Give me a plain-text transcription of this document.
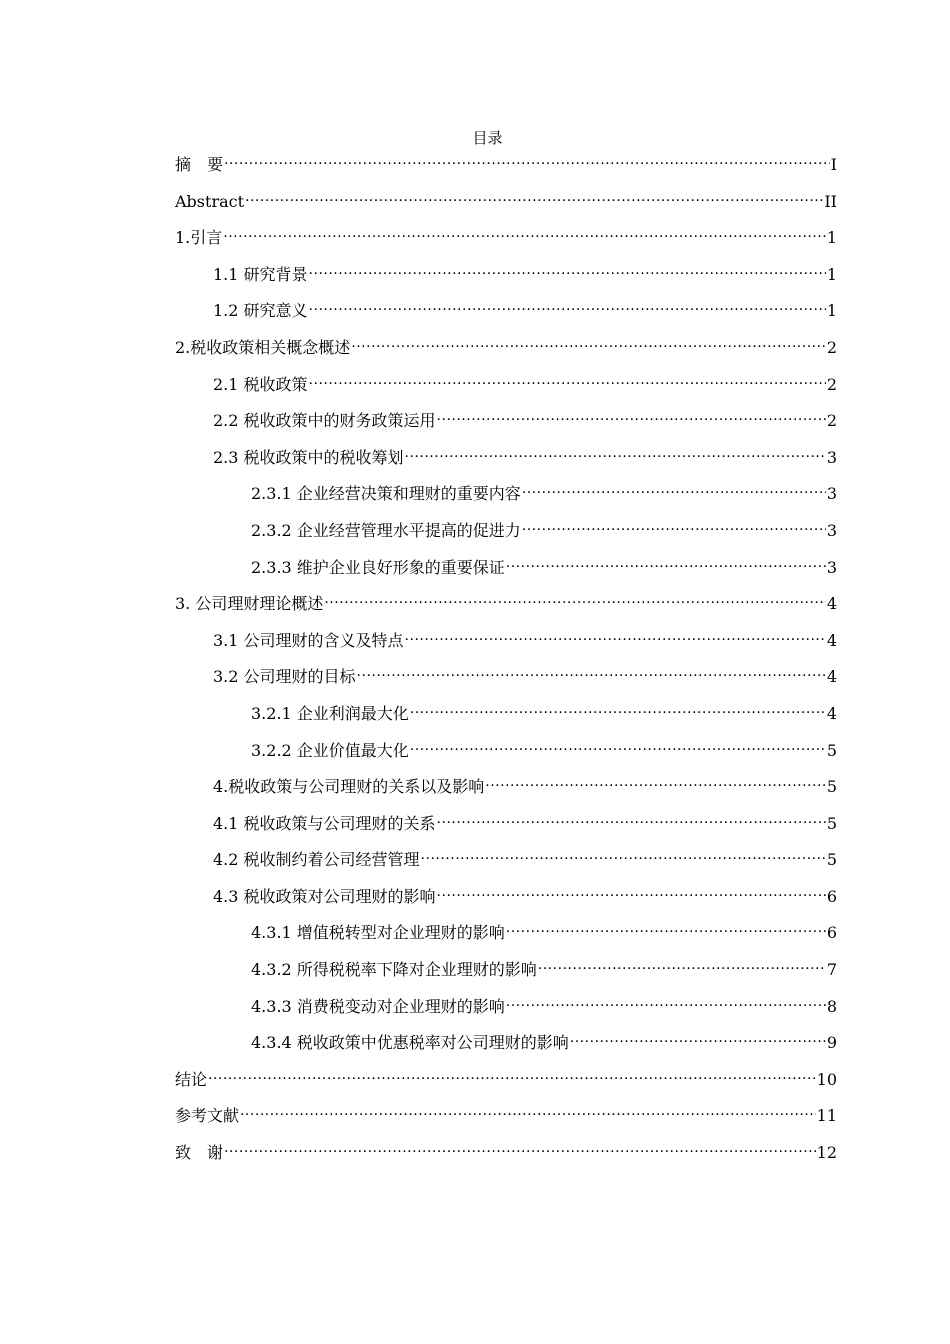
目录
摘　要 .....	I
Abstract .....	II
1.引言 .....	1
1.1 研究背景 .....	1
1.2 研究意义 .....	1
2.税收政策相关概念概述 .....	2
2.1 税收政策 .....	2
2.2 税收政策中的财务政策运用 .....	2
2.3 税收政策中的税收筹划 .....	3
2.3.1 企业经营决策和理财的重要内容 .....	3
2.3.2 企业经营管理水平提高的促进力 .....	3
2.3.3 维护企业良好形象的重要保证 .....	3
3. 公司理财理论概述 .....	4
3.1 公司理财的含义及特点 .....	4
3.2 公司理财的目标 .....	4
3.2.1 企业利润最大化 .....	4
3.2.2 企业价值最大化 .....	5
4.税收政策与公司理财的关系以及影响 .....	5
4.1 税收政策与公司理财的关系 .....	5
4.2 税收制约着公司经营管理 .....	5
4.3 税收政策对公司理财的影响 .....	6
4.3.1 增值税转型对企业理财的影响 .....	6
4.3.2 所得税税率下降对企业理财的影响 .....	7
4.3.3 消费税变动对企业理财的影响 .....	8
4.3.4 税收政策中优惠税率对公司理财的影响 .....	9
结论 .....	10
参考文献 .....	11
致　谢 .....	12
